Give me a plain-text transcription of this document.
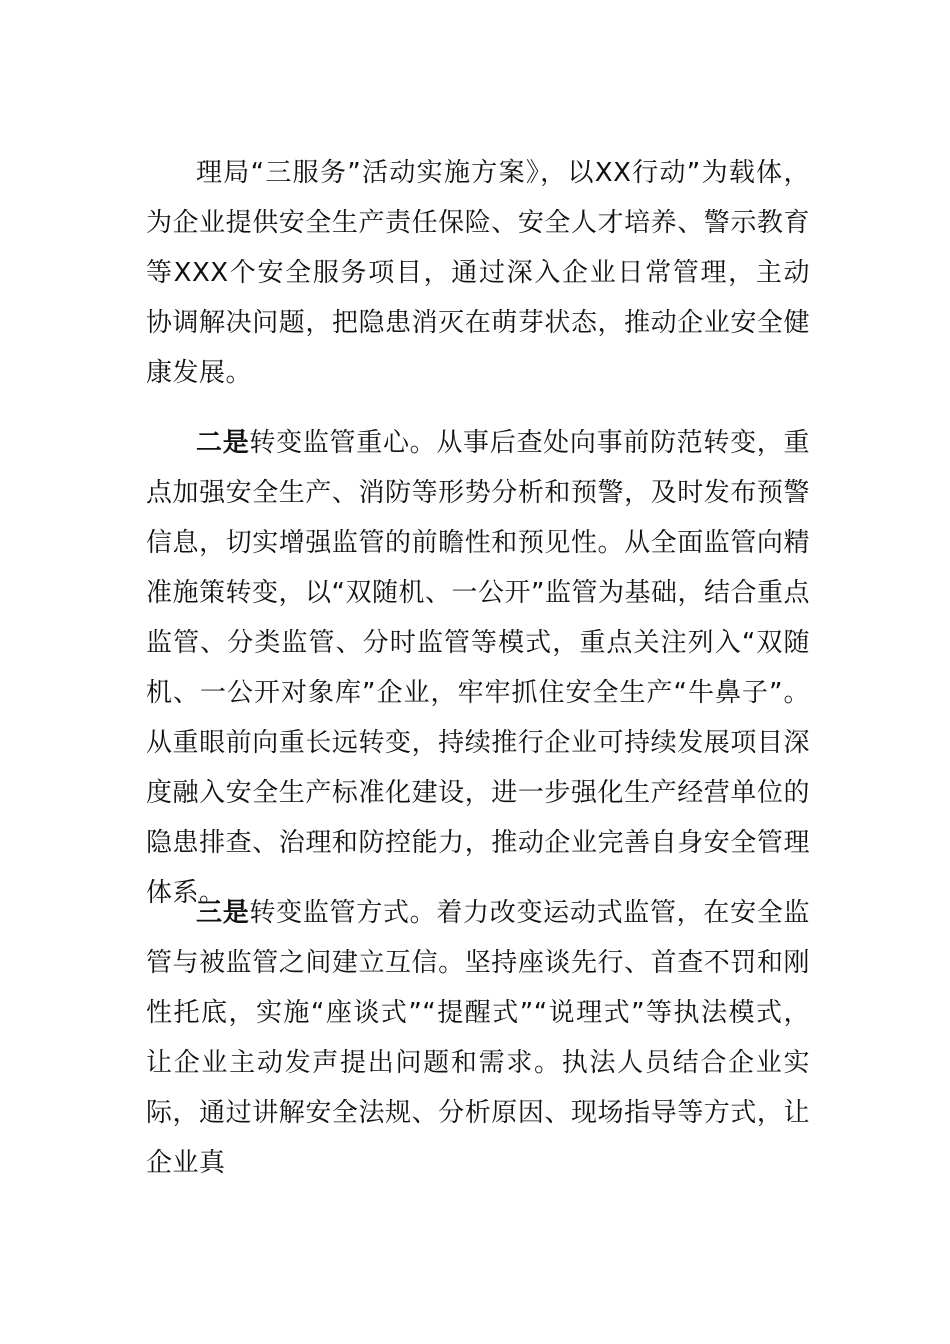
理局“三服务”活动实施方案》，以XX行动”为载体，为企业提供安全生产责任保险、安全人才培养、警示教育等XXX个安全服务项目，通过深入企业日常管理，主动协调解决问题，把隐患消灭在萌芽状态，推动企业安全健康发展。

二是转变监管重心。从事后查处向事前防范转变，重点加强安全生产、消防等形势分析和预警，及时发布预警信息，切实增强监管的前瞻性和预见性。从全面监管向精准施策转变，以“双随机、一公开”监管为基础，结合重点监管、分类监管、分时监管等模式，重点关注列入“双随机、一公开对象库”企业，牢牢抓住安全生产“牛鼻子”。从重眼前向重长远转变，持续推行企业可持续发展项目深度融入安全生产标准化建设，进一步强化生产经营单位的隐患排查、治理和防控能力，推动企业完善自身安全管理体系。

三是转变监管方式。着力改变运动式监管，在安全监管与被监管之间建立互信。坚持座谈先行、首查不罚和刚性托底，实施“座谈式”“提醒式”“说理式”等执法模式，让企业主动发声提出问题和需求。执法人员结合企业实际，通过讲解安全法规、分析原因、现场指导等方式，让企业真
